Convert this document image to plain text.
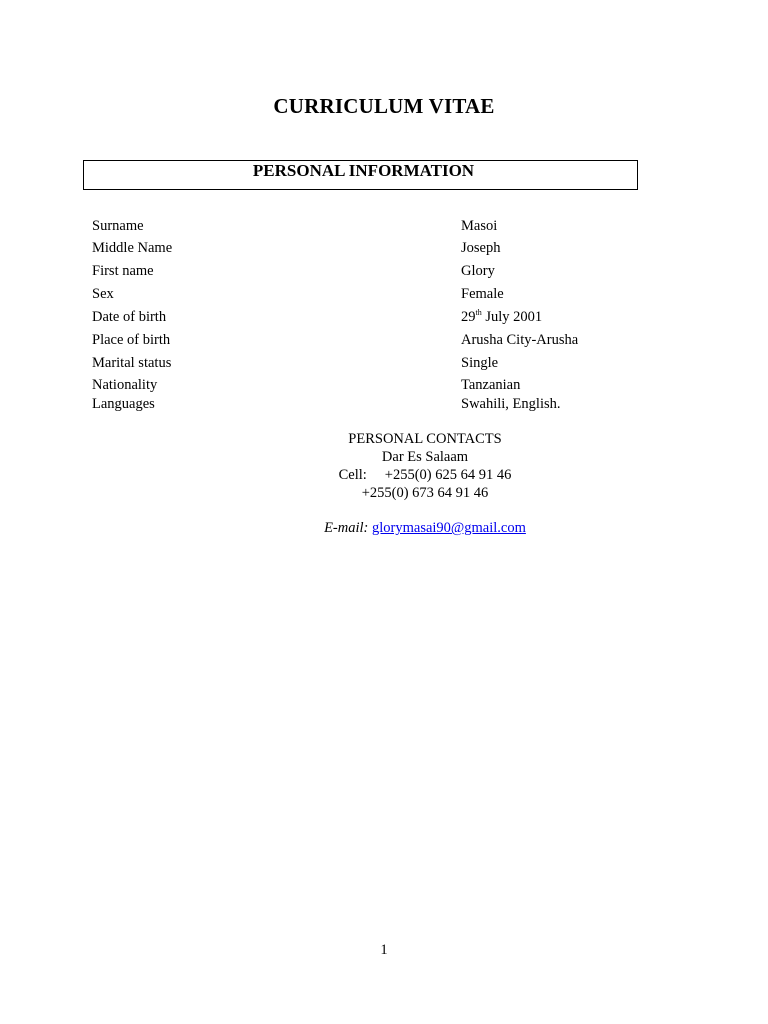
CURRICULUM VITAE
PERSONAL INFORMATION
Surname	Masoi
Middle Name	Joseph
First name	Glory
Sex	Female
Date of birth	29th July 2001
Place of birth	Arusha City-Arusha
Marital status	Single
Nationality	Tanzanian
Languages	Swahili, English.
PERSONAL CONTACTS
Dar Es Salaam
Cell: +255(0) 625 64 91 46
+255(0) 673 64 91 46
E-mail: glorymasai90@gmail.com
1
